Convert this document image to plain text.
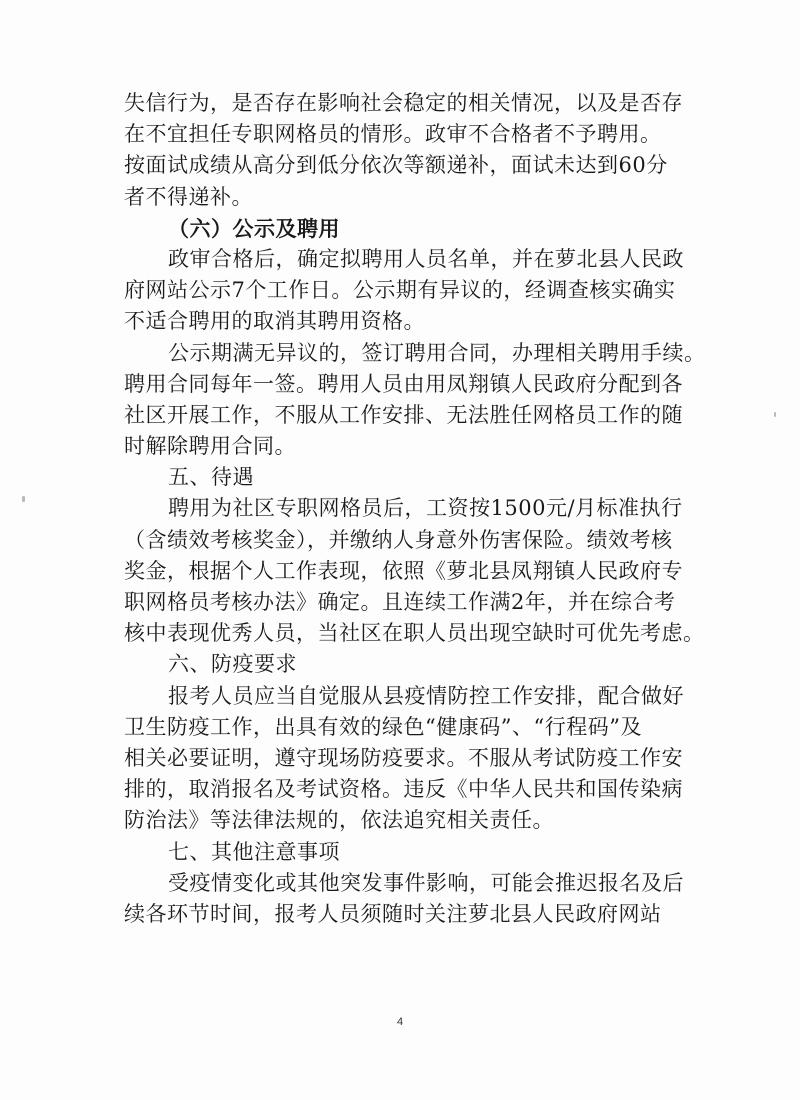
失信行为，是否存在影响社会稳定的相关情况，以及是否存
在不宜担任专职网格员的情形。政审不合格者不予聘用。
按面试成绩从高分到低分依次等额递补，面试未达到60分
者不得递补。
（六）公示及聘用
政审合格后，确定拟聘用人员名单，并在萝北县人民政
府网站公示7个工作日。公示期有异议的，经调查核实确实
不适合聘用的取消其聘用资格。
公示期满无异议的，签订聘用合同，办理相关聘用手续。
聘用合同每年一签。聘用人员由用凤翔镇人民政府分配到各
社区开展工作，不服从工作安排、无法胜任网格员工作的随
时解除聘用合同。
五、待遇
聘用为社区专职网格员后，工资按1500元/月标准执行
（含绩效考核奖金），并缴纳人身意外伤害保险。绩效考核
奖金，根据个人工作表现，依照《萝北县凤翔镇人民政府专
职网格员考核办法》确定。且连续工作满2年，并在综合考
核中表现优秀人员，当社区在职人员出现空缺时可优先考虑。
六、防疫要求
报考人员应当自觉服从县疫情防控工作安排，配合做好
卫生防疫工作，出具有效的绿色“健康码”、“行程码”及
相关必要证明，遵守现场防疫要求。不服从考试防疫工作安
排的，取消报名及考试资格。违反《中华人民共和国传染病
防治法》等法律法规的，依法追究相关责任。
七、其他注意事项
受疫情变化或其他突发事件影响，可能会推迟报名及后
续各环节时间，报考人员须随时关注萝北县人民政府网站
4
